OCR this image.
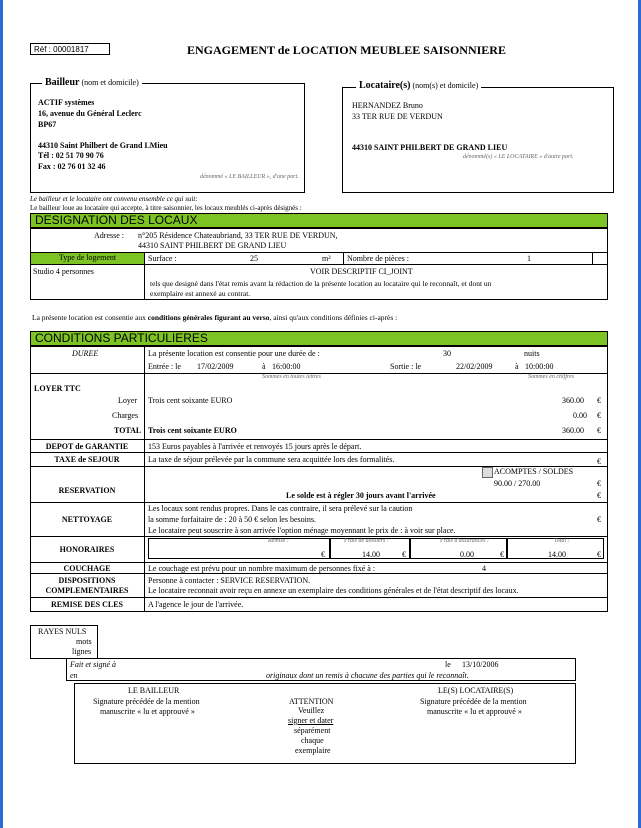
Réf : 00001817	ENGAGEMENT de LOCATION MEUBLEE SAISONNIERE
Bailleur (nom et domicile)
ACTIF systèmes
16, avenue du Général Leclerc
BP67
44310 Saint Philbert de Grand LMieu
Tél : 02 51 70 90 76
Fax : 02 76 01 32 46
dénommé « LE BAILLEUR », d'une part.
Locataire(s) (nom(s) et domicile)
HERNANDEZ Bruno
33 TER RUE DE VERDUN
44310 SAINT PHILBERT DE GRAND LIEU
dénommé(s) « LE LOCATAIRE » d'autre part.
Le bailleur et le locataire ont convenu ensemble ce qui suit:
Le bailleur loue au locataire qui accepte, à titre saisonnier, les locaux meublés ci-après désignés :
DESIGNATION DES LOCAUX
Adresse : n°205 Résidence Chateaubriand, 33 TER RUE DE VERDUN,
44310 SAINT PHILBERT DE GRAND LIEU
Type de logement	Surface :	25	m² Nombre de pièces :	1
Studio 4 personnes	VOIR DESCRIPTIF CI_JOINT
tels que designé dans l'état remis avant la rédaction de la présente location au locataire qui le reconnaît, et dont un
exemplaire est annexé au contrat.
La présente location est consentie aux conditions générales figurant au verso, ainsi qu'aux conditions définies ci-après :
CONDITIONS PARTICULIERES
DUREE	La présente location est consentie pour une durée de :	30	nuits
Entrée : le 17/02/2009	à 16:00:00	Sortie : le	22/02/2009	à 10:00:00
Sommes en toutes lettres	Sommes en chiffres
LOYER TTC
Loyer Trois cent soixante EURO	360.00 €
Charges	0.00 €
TOTAL Trois cent soixante EURO	360.00 €
DEPOT de GARANTIE	153 Euros payables à l'arrivée et renvoyés 15 jours après le départ.
TAXE de SEJOUR	La taxe de séjour prélevée par la commune sera acquittée lors des formalités.	€
RESERVATION
ACOMPTES / SOLDES
90.00 / 270.00	€
Le solde est à régler 30 jours avant l'arrivée	€
NETTOYAGE
Les locaux sont rendus propres. Dans le cas contraire, il sera prélevé sur la caution
la somme forfaitaire de : 20 à 50 € selon les besoins.
Le locataire peut souscrire à son arrivée l'option ménage moyennant le prix de : à voir sur place.
€
HONORAIRES
Remise :
€
Frais de dossiers :
14.00	€
Frais d'assurances :
0.00	€
Total :
14.00	€
COUCHAGE	Le couchage est prévu pour un nombre maximum de personnes fixé à :	4
DISPOSITIONS
COMPLEMENTAIRES
Personne à contacter : SERVICE RESERVATION.
Le locataire reconnait avoir reçu en annexe un exemplaire des conditions générales et de l'état descriptif des locaux.
REMISE DES CLES	A l'agence le jour de l'arrivée.
RAYES NULS
mots
lignes
Fait et signé à	le 13/10/2006
en	originaux dont un remis à chacune des parties qui le reconnaît.
LE BAILLEUR
Signature précédée de la mention
manuscrite « lu et approuvé »
ATTENTION
Veuillez
signer et dater
séparément
chaque
exemplaire
LE(S) LOCATAIRE(S)
Signature précédée de la mention
manuscrite « lu et approuvé »
